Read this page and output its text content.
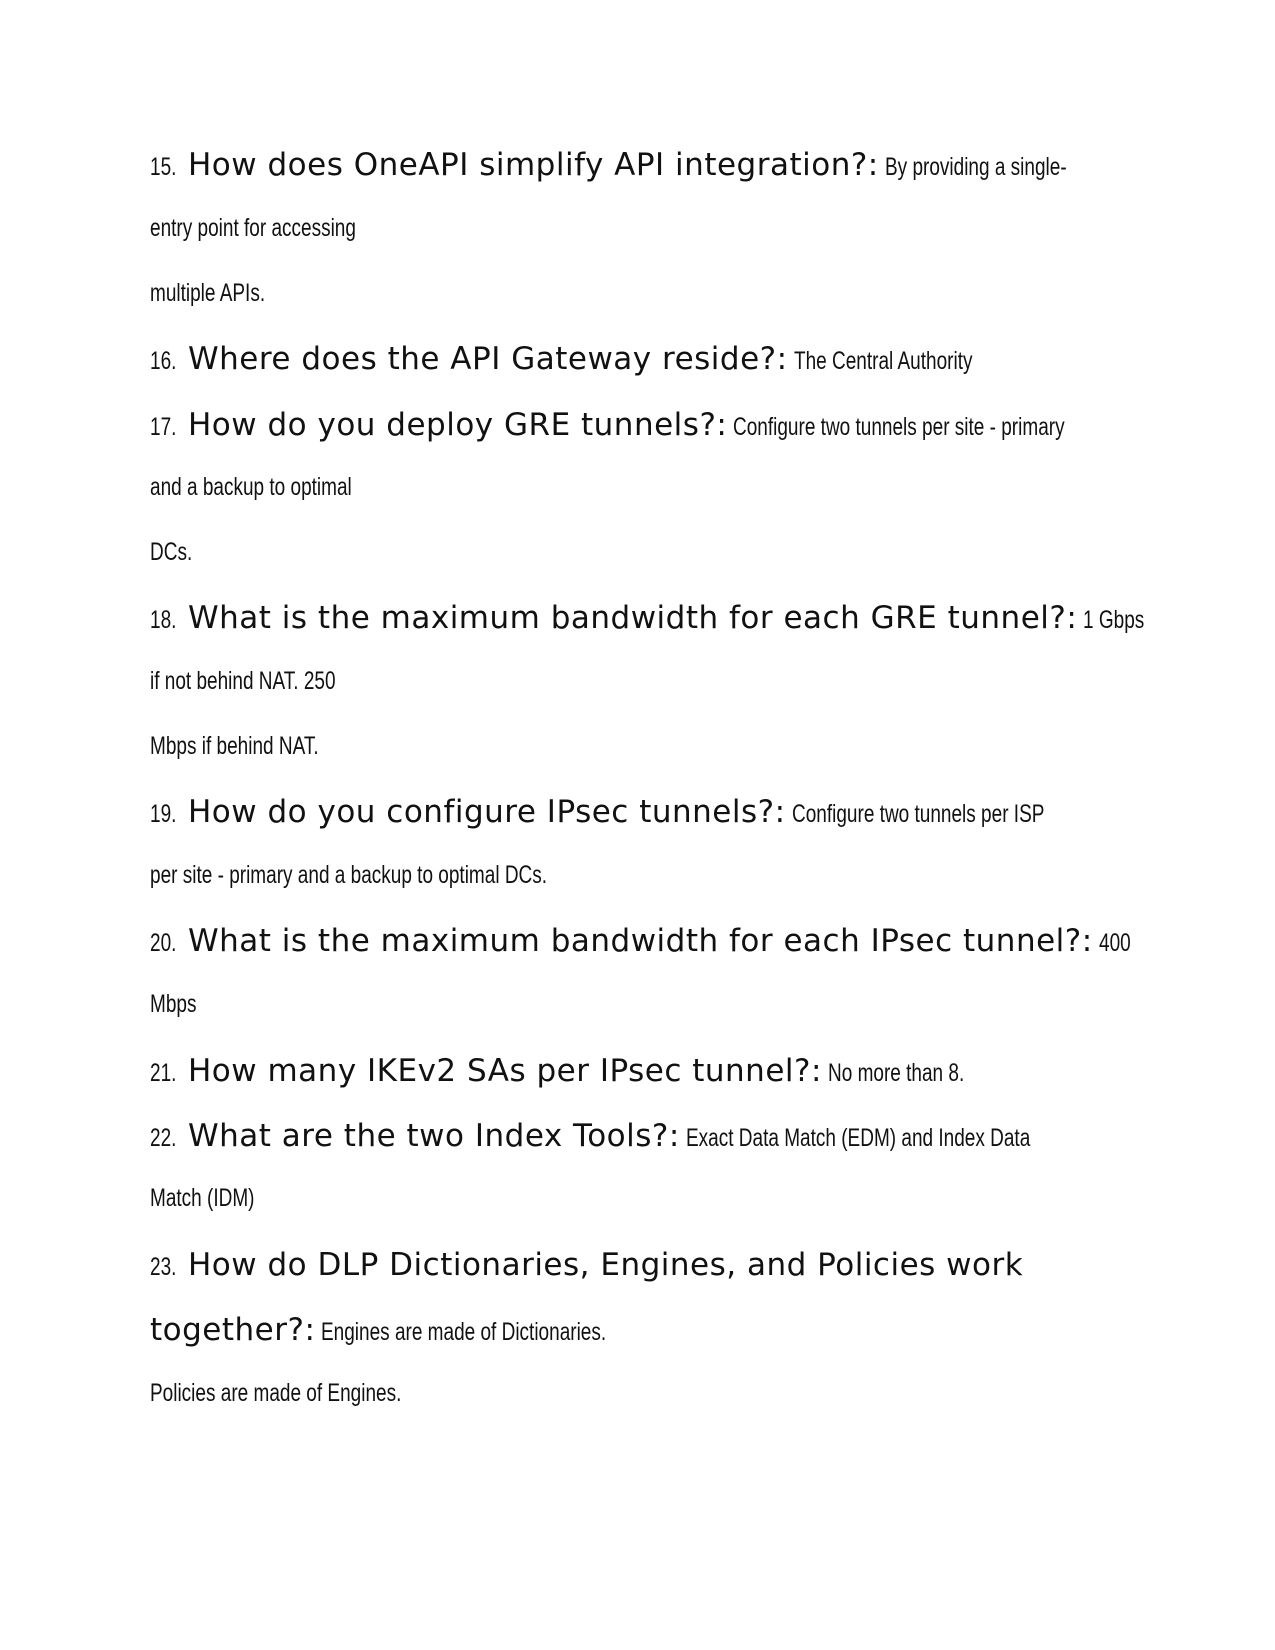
15. How does OneAPI simplify API integration?: By providing a single-
entry point for accessing
multiple APIs.
16. Where does the API Gateway reside?: The Central Authority
17. How do you deploy GRE tunnels?: Configure two tunnels per site - primary
and a backup to optimal
DCs.
18. What is the maximum bandwidth for each GRE tunnel?: 1 Gbps
if not behind NAT. 250
Mbps if behind NAT.
19. How do you configure IPsec tunnels?: Configure two tunnels per ISP
per site - primary and a backup to optimal DCs.
20. What is the maximum bandwidth for each IPsec tunnel?: 400
Mbps
21. How many IKEv2 SAs per IPsec tunnel?: No more than 8.
22. What are the two Index Tools?: Exact Data Match (EDM) and Index Data
Match (IDM)
23. How do DLP Dictionaries, Engines, and Policies work
together?: Engines are made of Dictionaries.
Policies are made of Engines.
